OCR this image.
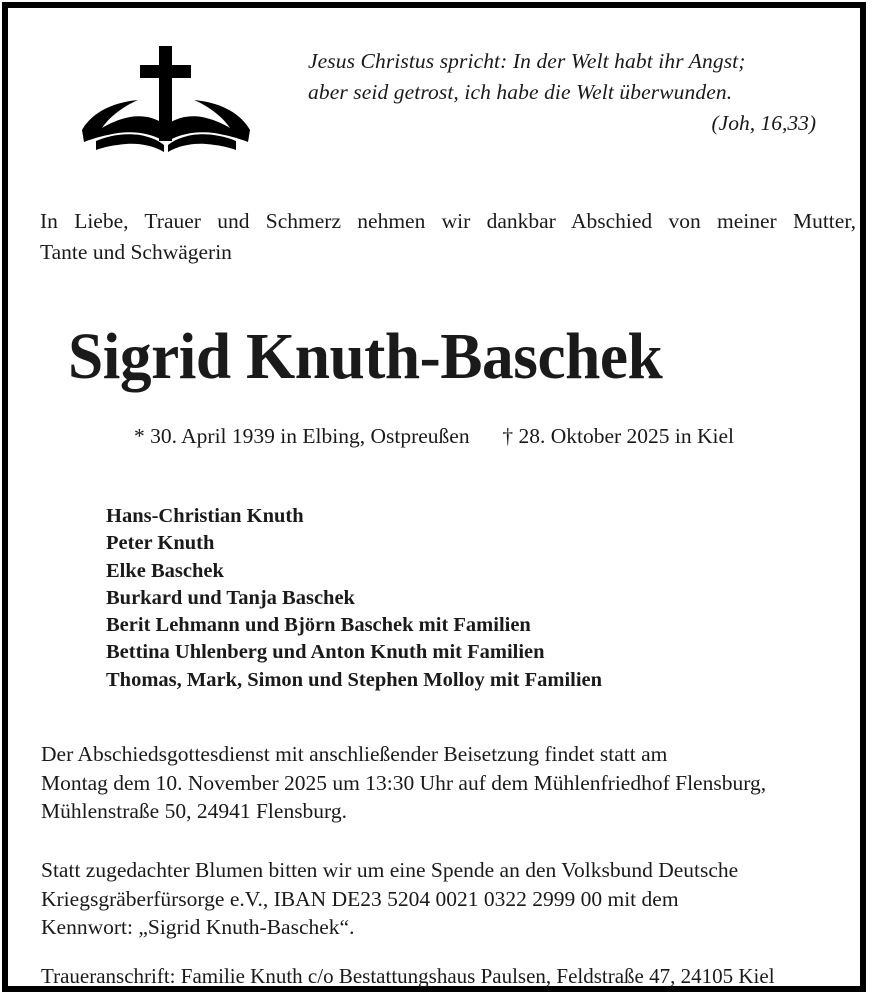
Jesus Christus spricht: In der Welt habt ihr Angst;
aber seid getrost, ich habe die Welt überwunden.
(Joh, 16,33)
In Liebe, Trauer und Schmerz nehmen wir dankbar Abschied von meiner Mutter,
Tante und Schwägerin
Sigrid Knuth-Baschek
* 30. April 1939 in Elbing, Ostpreußen † 28. Oktober 2025 in Kiel
Hans-Christian Knuth
Peter Knuth
Elke Baschek
Burkard und Tanja Baschek
Berit Lehmann und Björn Baschek mit Familien
Bettina Uhlenberg und Anton Knuth mit Familien
Thomas, Mark, Simon und Stephen Molloy mit Familien
Der Abschiedsgottesdienst mit anschließender Beisetzung findet statt am
Montag dem 10. November 2025 um 13:30 Uhr auf dem Mühlenfriedhof Flensburg,
Mühlenstraße 50, 24941 Flensburg.
Statt zugedachter Blumen bitten wir um eine Spende an den Volksbund Deutsche
Kriegsgräberfürsorge e.V., IBAN DE23 5204 0021 0322 2999 00 mit dem
Kennwort: „Sigrid Knuth-Baschek“.
Traueranschrift: Familie Knuth c/o Bestattungshaus Paulsen, Feldstraße 47, 24105 Kiel
